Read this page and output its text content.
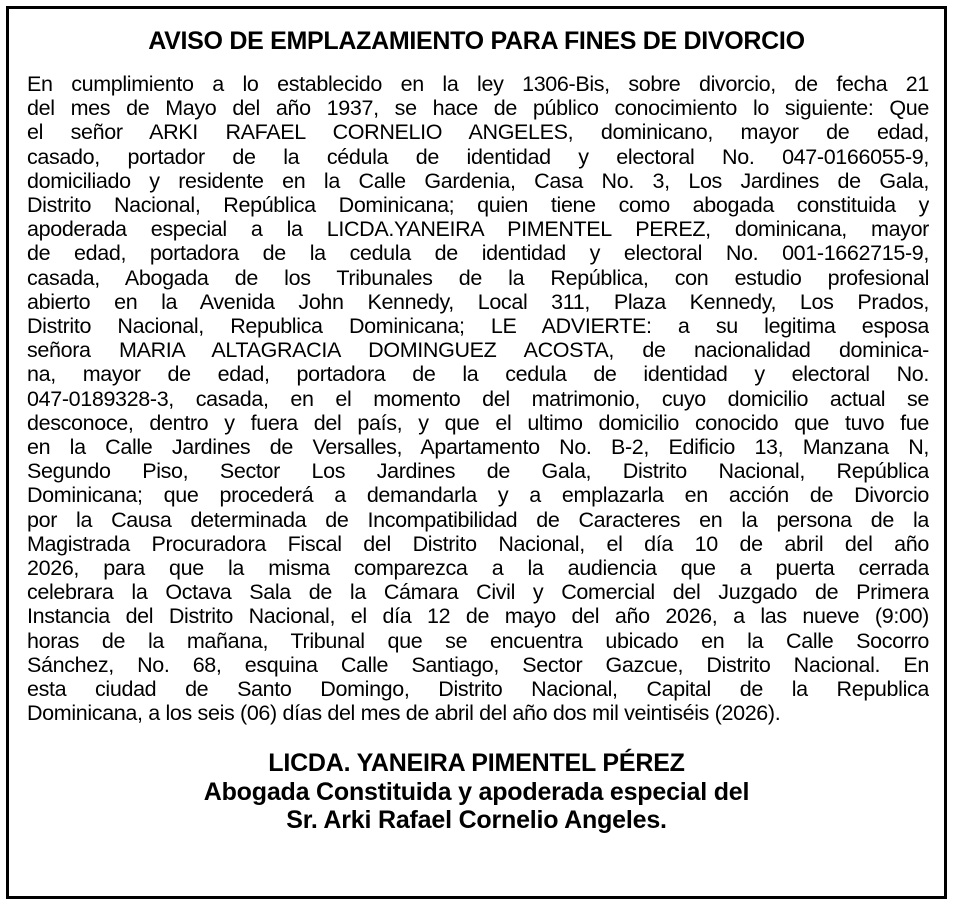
AVISO DE EMPLAZAMIENTO PARA FINES DE DIVORCIO
En cumplimiento a lo establecido en la ley 1306-Bis, sobre divorcio, de fecha 21
del mes de Mayo del año 1937, se hace de público conocimiento lo siguiente: Que
el señor ARKI RAFAEL CORNELIO ANGELES, dominicano, mayor de edad,
casado, portador de la cédula de identidad y electoral No. 047-0166055-9,
domiciliado y residente en la Calle Gardenia, Casa No. 3, Los Jardines de Gala,
Distrito Nacional, República Dominicana; quien tiene como abogada constituida y
apoderada especial a la LICDA.YANEIRA PIMENTEL PEREZ, dominicana, mayor
de edad, portadora de la cedula de identidad y electoral No. 001-1662715-9,
casada, Abogada de los Tribunales de la República, con estudio profesional
abierto en la Avenida John Kennedy, Local 311, Plaza Kennedy, Los Prados,
Distrito Nacional, Republica Dominicana; LE ADVIERTE: a su legitima esposa
señora MARIA ALTAGRACIA DOMINGUEZ ACOSTA, de nacionalidad dominica-
na, mayor de edad, portadora de la cedula de identidad y electoral No.
047-0189328-3, casada, en el momento del matrimonio, cuyo domicilio actual se
desconoce, dentro y fuera del país, y que el ultimo domicilio conocido que tuvo fue
en la Calle Jardines de Versalles, Apartamento No. B-2, Edificio 13, Manzana N,
Segundo Piso, Sector Los Jardines de Gala, Distrito Nacional, República
Dominicana; que procederá a demandarla y a emplazarla en acción de Divorcio
por la Causa determinada de Incompatibilidad de Caracteres en la persona de la
Magistrada Procuradora Fiscal del Distrito Nacional, el día 10 de abril del año
2026, para que la misma comparezca a la audiencia que a puerta cerrada
celebrara la Octava Sala de la Cámara Civil y Comercial del Juzgado de Primera
Instancia del Distrito Nacional, el día 12 de mayo del año 2026, a las nueve (9:00)
horas de la mañana, Tribunal que se encuentra ubicado en la Calle Socorro
Sánchez, No. 68, esquina Calle Santiago, Sector Gazcue, Distrito Nacional. En
esta ciudad de Santo Domingo, Distrito Nacional, Capital de la Republica
Dominicana, a los seis (06) días del mes de abril del año dos mil veintiséis (2026).
LICDA. YANEIRA PIMENTEL PÉREZ
Abogada Constituida y apoderada especial del
Sr. Arki Rafael Cornelio Angeles.
